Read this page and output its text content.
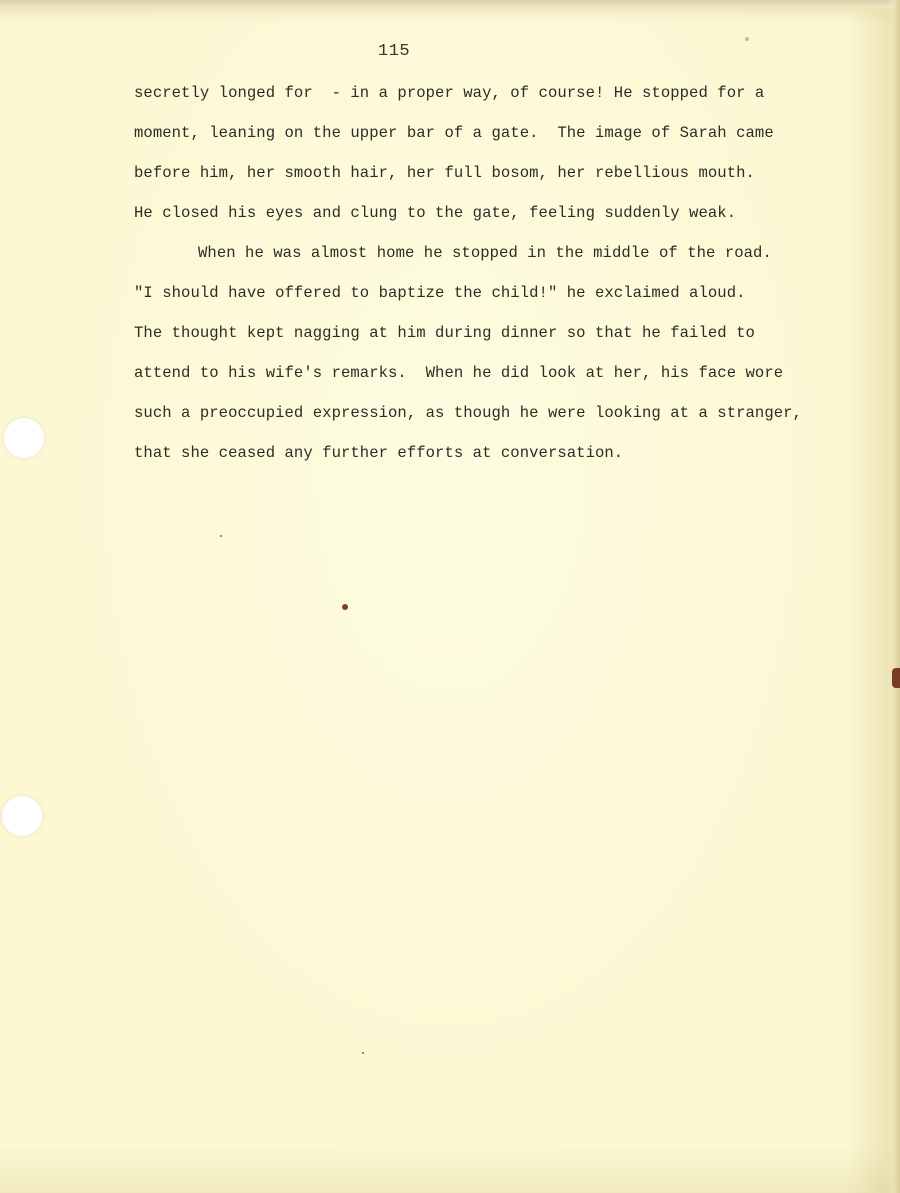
115
secretly longed for  - in a proper way, of course! He stopped for a
moment, leaning on the upper bar of a gate.  The image of Sarah came
before him, her smooth hair, her full bosom, her rebellious mouth.
He closed his eyes and clung to the gate, feeling suddenly weak.
When he was almost home he stopped in the middle of the road.
"I should have offered to baptize the child!" he exclaimed aloud.
The thought kept nagging at him during dinner so that he failed to
attend to his wife's remarks.  When he did look at her, his face wore
such a preoccupied expression, as though he were looking at a stranger,
that she ceased any further efforts at conversation.
